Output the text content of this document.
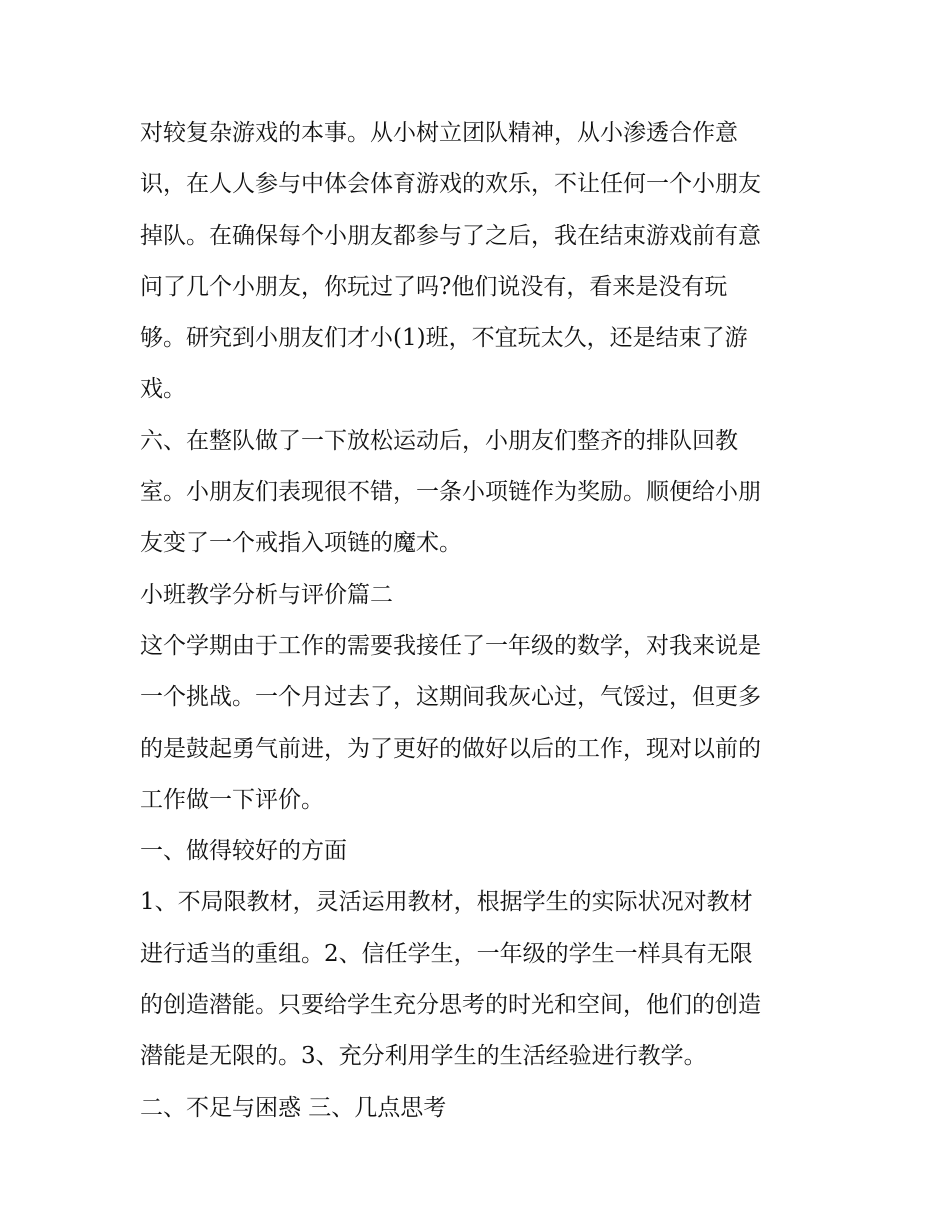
对较复杂游戏的本事。从小树立团队精神，从小渗透合作意
识，在人人参与中体会体育游戏的欢乐，不让任何一个小朋友
掉队。在确保每个小朋友都参与了之后，我在结束游戏前有意
问了几个小朋友，你玩过了吗?他们说没有，看来是没有玩
够。研究到小朋友们才小(1)班，不宜玩太久，还是结束了游
戏。
六、在整队做了一下放松运动后，小朋友们整齐的排队回教
室。小朋友们表现很不错，一条小项链作为奖励。顺便给小朋
友变了一个戒指入项链的魔术。
小班教学分析与评价篇二
这个学期由于工作的需要我接任了一年级的数学，对我来说是
一个挑战。一个月过去了，这期间我灰心过，气馁过，但更多
的是鼓起勇气前进，为了更好的做好以后的工作，现对以前的
工作做一下评价。
一、做得较好的方面
1、不局限教材，灵活运用教材，根据学生的实际状况对教材
进行适当的重组。2、信任学生，一年级的学生一样具有无限
的创造潜能。只要给学生充分思考的时光和空间，他们的创造
潜能是无限的。3、充分利用学生的生活经验进行教学。
二、不足与困惑 三、几点思考
